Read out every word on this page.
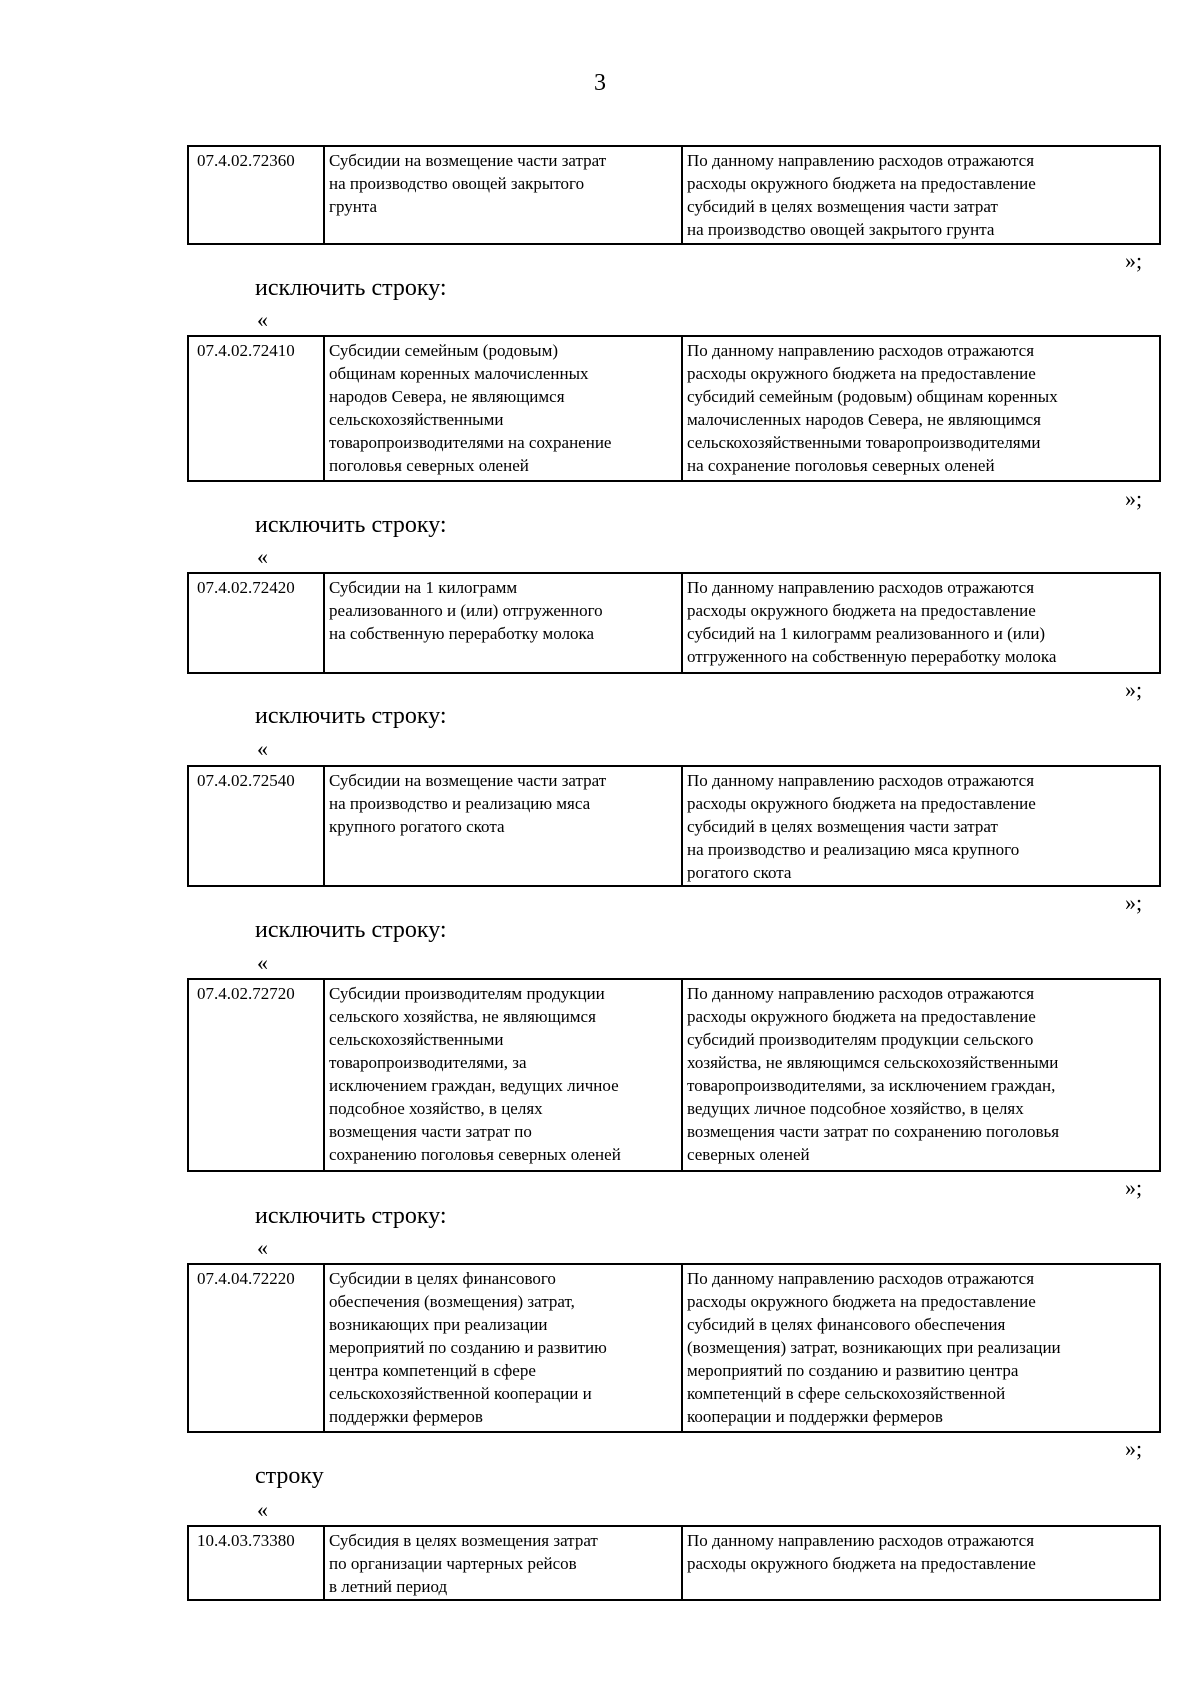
3
07.4.02.72360	Субсидии на возмещение части затрат
на производство овощей закрытого
грунта	По данному направлению расходов отражаются
расходы окружного бюджета на предоставление
субсидий в целях возмещения части затрат
на производство овощей закрытого грунта
»;
исключить строку:
«
07.4.02.72410	Субсидии семейным (родовым)
общинам коренных малочисленных
народов Севера, не являющимся
сельскохозяйственными
товаропроизводителями на сохранение
поголовья северных оленей	По данному направлению расходов отражаются
расходы окружного бюджета на предоставление
субсидий семейным (родовым) общинам коренных
малочисленных народов Севера, не являющимся
сельскохозяйственными товаропроизводителями
на сохранение поголовья северных оленей
»;
исключить строку:
«
07.4.02.72420	Субсидии на 1 килограмм
реализованного и (или) отгруженного
на собственную переработку молока	По данному направлению расходов отражаются
расходы окружного бюджета на предоставление
субсидий на 1 килограмм реализованного и (или)
отгруженного на собственную переработку молока
»;
исключить строку:
«
07.4.02.72540	Субсидии на возмещение части затрат
на производство и реализацию мяса
крупного рогатого скота	По данному направлению расходов отражаются
расходы окружного бюджета на предоставление
субсидий в целях возмещения части затрат
на производство и реализацию мяса крупного
рогатого скота
»;
исключить строку:
«
07.4.02.72720	Субсидии производителям продукции
сельского хозяйства, не являющимся
сельскохозяйственными
товаропроизводителями, за
исключением граждан, ведущих личное
подсобное хозяйство, в целях
возмещения части затрат по
сохранению поголовья северных оленей	По данному направлению расходов отражаются
расходы окружного бюджета на предоставление
субсидий производителям продукции сельского
хозяйства, не являющимся сельскохозяйственными
товаропроизводителями, за исключением граждан,
ведущих личное подсобное хозяйство, в целях
возмещения части затрат по сохранению поголовья
северных оленей
»;
исключить строку:
«
07.4.04.72220	Субсидии в целях финансового
обеспечения (возмещения) затрат,
возникающих при реализации
мероприятий по созданию и развитию
центра компетенций в сфере
сельскохозяйственной кооперации и
поддержки фермеров	По данному направлению расходов отражаются
расходы окружного бюджета на предоставление
субсидий в целях финансового обеспечения
(возмещения) затрат, возникающих при реализации
мероприятий по созданию и развитию центра
компетенций в сфере сельскохозяйственной
кооперации и поддержки фермеров
»;
строку
«
10.4.03.73380	Субсидия в целях возмещения затрат
по организации чартерных рейсов
в летний период	По данному направлению расходов отражаются
расходы окружного бюджета на предоставление
